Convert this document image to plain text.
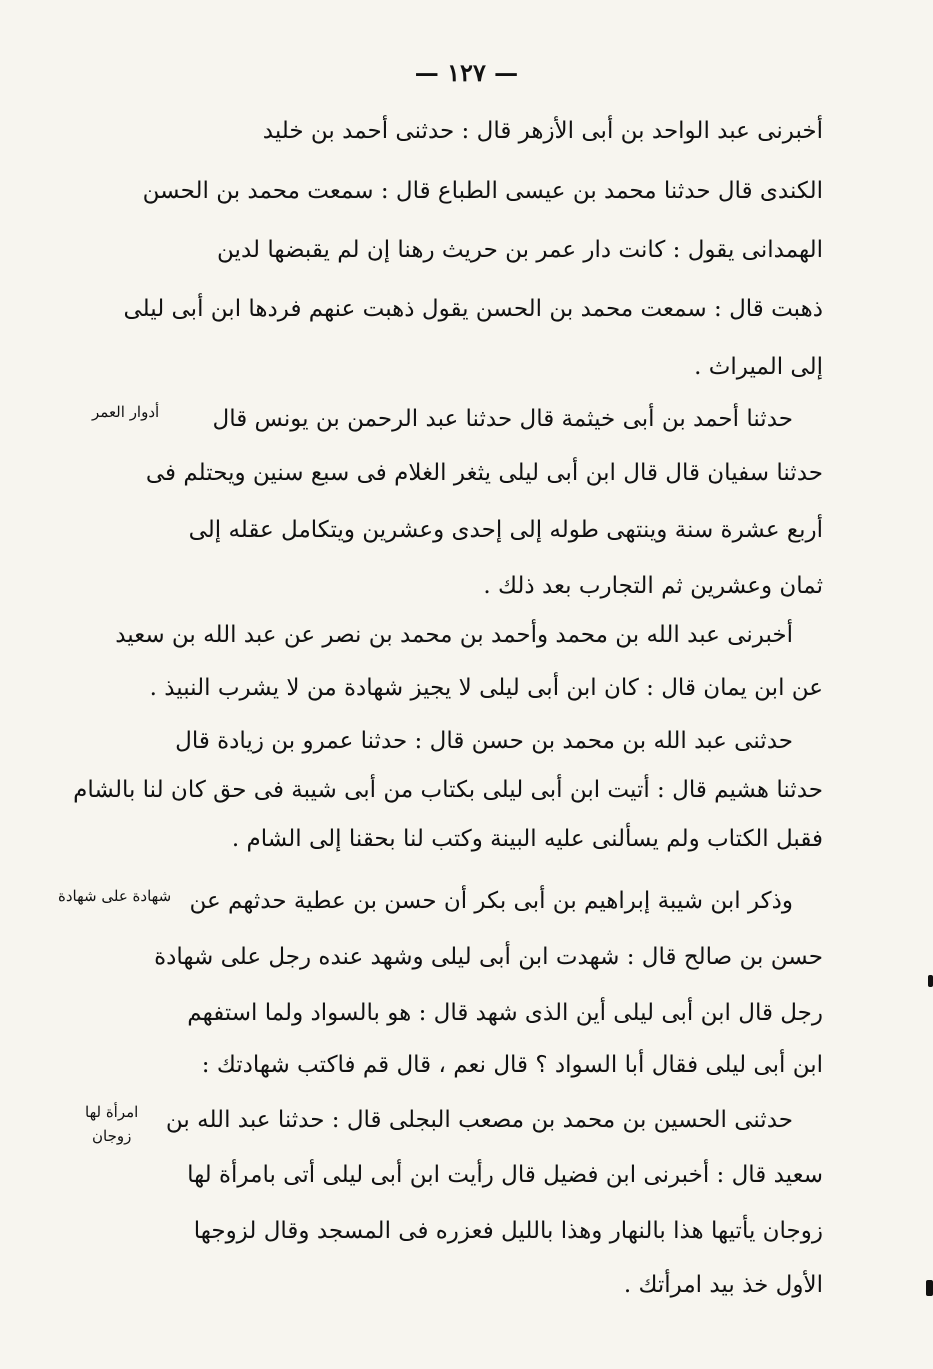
— ١٢٧ —
أخبرنى عبد الواحد بن أبى الأزهر قال : حدثنى أحمد بن خليد
الكندى قال حدثنا محمد بن عيسى الطباع قال : سمعت محمد بن الحسن
الهمدانى يقول : كانت دار عمر بن حريث رهنا إن لم يقبضها لدين
ذهبت قال : سمعت محمد بن الحسن يقول ذهبت عنهم فردها ابن أبى ليلى
إلى الميراث .
حدثنا أحمد بن أبى خيثمة قال حدثنا عبد الرحمن بن يونس قال
حدثنا سفيان قال قال ابن أبى ليلى يثغر الغلام فى سبع سنين ويحتلم فى
أربع عشرة سنة وينتهى طوله إلى إحدى وعشرين ويتكامل عقله إلى
ثمان وعشرين ثم التجارب بعد ذلك .
أخبرنى عبد الله بن محمد وأحمد بن محمد بن نصر عن عبد الله بن سعيد
عن ابن يمان قال : كان ابن أبى ليلى لا يجيز شهادة من لا يشرب النبيذ .
حدثنى عبد الله بن محمد بن حسن قال : حدثنا عمرو بن زيادة قال
حدثنا هشيم قال : أتيت ابن أبى ليلى بكتاب من أبى شيبة فى حق كان لنا بالشام
فقبل الكتاب ولم يسألنى عليه البينة وكتب لنا بحقنا إلى الشام .
وذكر ابن شيبة إبراهيم بن أبى بكر أن حسن بن عطية حدثهم عن
حسن بن صالح قال : شهدت ابن أبى ليلى وشهد عنده رجل على شهادة
رجل قال ابن أبى ليلى أين الذى شهد قال : هو بالسواد ولما استفهم
ابن أبى ليلى فقال أبا السواد ؟ قال نعم ، قال قم فاكتب شهادتك :
حدثنى الحسين بن محمد بن مصعب البجلى قال : حدثنا عبد الله بن
سعيد قال : أخبرنى ابن فضيل قال رأيت ابن أبى ليلى أتى بامرأة لها
زوجان يأتيها هذا بالنهار وهذا بالليل فعزره فى المسجد وقال لزوجها
الأول خذ بيد امرأتك .
أدوار العمر
شهادة على شهادة
امرأة لها
زوجان
